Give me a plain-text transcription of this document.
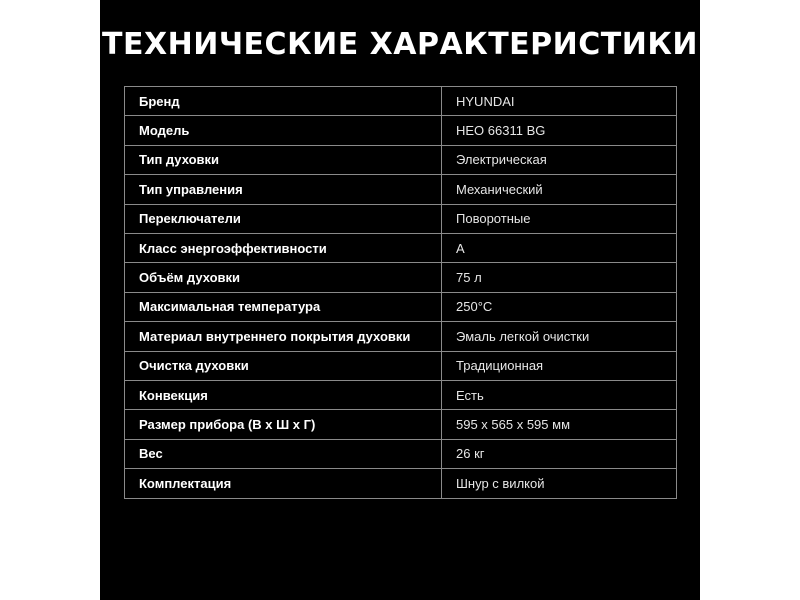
ТЕХНИЧЕСКИЕ ХАРАКТЕРИСТИКИ
Бренд	HYUNDAI
Модель	HEO 66311 BG
Тип духовки	Электрическая
Тип управления	Механический
Переключатели	Поворотные
Класс энергоэффективности	A
Объём духовки	75 л
Максимальная температура	250°C
Материал внутреннего покрытия духовки	Эмаль легкой очистки
Очистка духовки	Традиционная
Конвекция	Есть
Размер прибора (В х Ш х Г)	595 х 565 х 595 мм
Вес	26 кг
Комплектация	Шнур с вилкой
